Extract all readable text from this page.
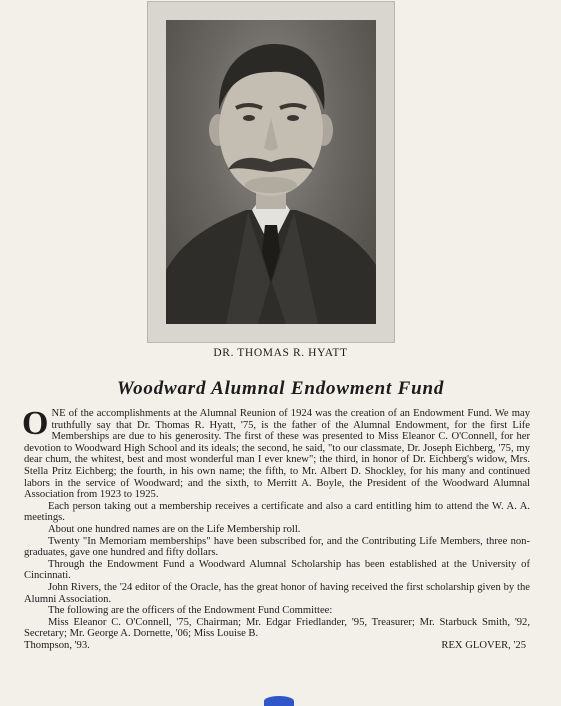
DR. THOMAS R. HYATT
Woodward Alumnal Endowment Fund

ONE of the accomplishments at the Alumnal Reunion of 1924 was the creation of an Endowment Fund. We may truthfully say that Dr. Thomas R. Hyatt, '75, is the father of the Alumnal Endowment, for the first Life Memberships are due to his generosity. The first of these was presented to Miss Eleanor C. O'Connell, for her devotion to Woodward High School and its ideals; the second, he said, "to our classmate, Dr. Joseph Eichberg, '75, my dear chum, the whitest, best and most wonderful man I ever knew"; the third, in honor of Dr. Eichberg's widow, Mrs. Stella Pritz Eichberg; the fourth, in his own name; the fifth, to Mr. Albert D. Shockley, for his many and continued labors in the service of Woodward; and the sixth, to Merritt A. Boyle, the President of the Woodward Alumnal Association from 1923 to 1925.

Each person taking out a membership receives a certificate and also a card entitling him to attend the W. A. A. meetings.

About one hundred names are on the Life Membership roll.

Twenty "In Memoriam memberships" have been subscribed for, and the Contributing Life Members, three non-graduates, gave one hundred and fifty dollars.

Through the Endowment Fund a Woodward Alumnal Scholarship has been established at the University of Cincinnati.

John Rivers, the '24 editor of the Oracle, has the great honor of having received the first scholarship given by the Alumni Association.

The following are the officers of the Endowment Fund Committee:

Miss Eleanor C. O'Connell, '75, Chairman; Mr. Edgar Friedlander, '95, Treasurer; Mr. Starbuck Smith, '92, Secretary; Mr. George A. Dornette, '06; Miss Louise B.

Thompson, '93.	REX GLOVER, '25
